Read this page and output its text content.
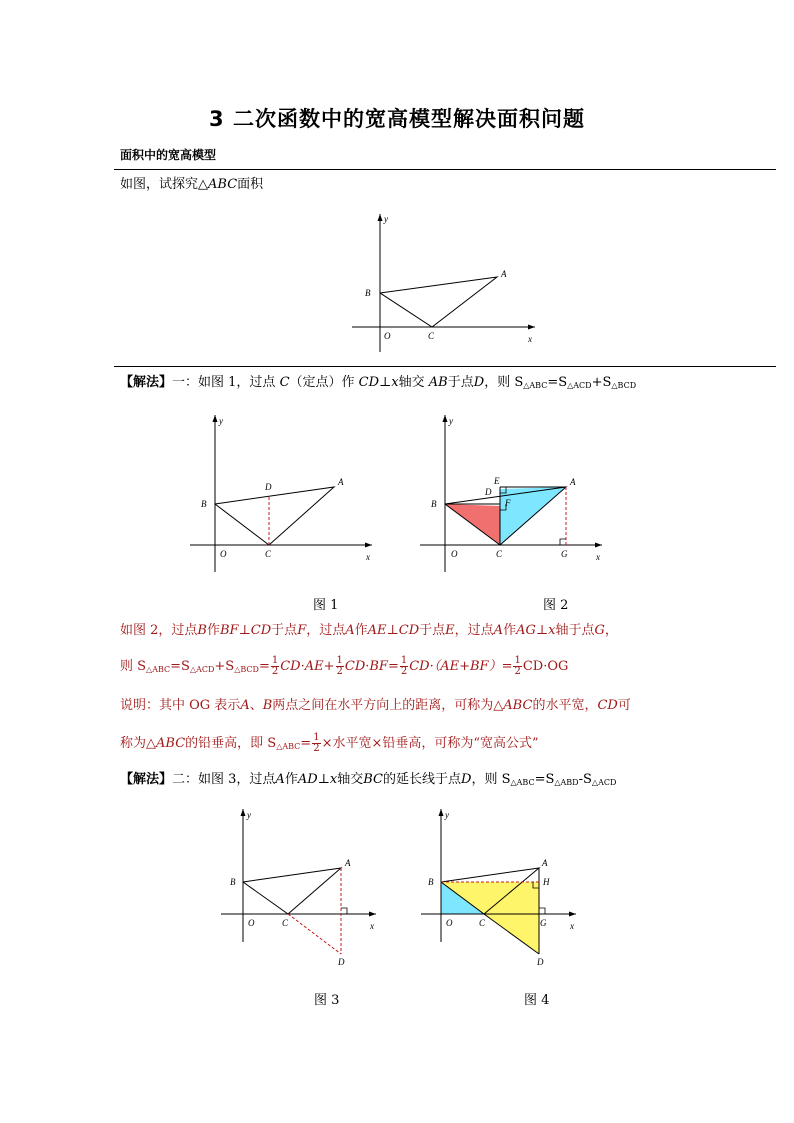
3 二次函数中的宽高模型解决面积问题
面积中的宽高模型
如图，试探究△ABC面积
y
B
A
O	C	x
【解法】一：如图 1，过点 C（定点）作 CD⊥x轴交 AB于点D，则 $S_{\triangle ABC}=S_{\triangle ACD}+S_{\triangle BCD}$
y
B
A
D
O	C	x
y
B
A
E
D
F
O	C	G	x
图 1	图 2
如图 2，过点B作BF⊥CD于点F，过点A作AE⊥CD于点E，过点A作AG⊥x轴于点G，
则 $S_{\triangle ABC}=S_{\triangle ACD}+S_{\triangle BCD}= \frac{1}{2} CD\cdot AE+ \frac{1}{2} CD\cdot BF= \frac{1}{2} CD\cdot(AE+BF)= \frac{1}{2} CD\cdot OG$
说明：其中 OG 表示A、B两点之间在水平方向上的距离，可称为△ABC的水平宽，CD可
称为△ABC的铅垂高，即 $S_{\triangle ABC}= \frac{1}{2}$ ×水平宽×铅垂高，可称为“宽高公式”
【解法】二：如图 3，过点A作AD⊥x轴交BC的延长线于点D，则 $S_{\triangle ABC}=S_{\triangle ABD}-S_{\triangle ACD}$
y
B
A
O	C
D
x
y
B
A
H
O	C	G
D
x
图 3	图 4
